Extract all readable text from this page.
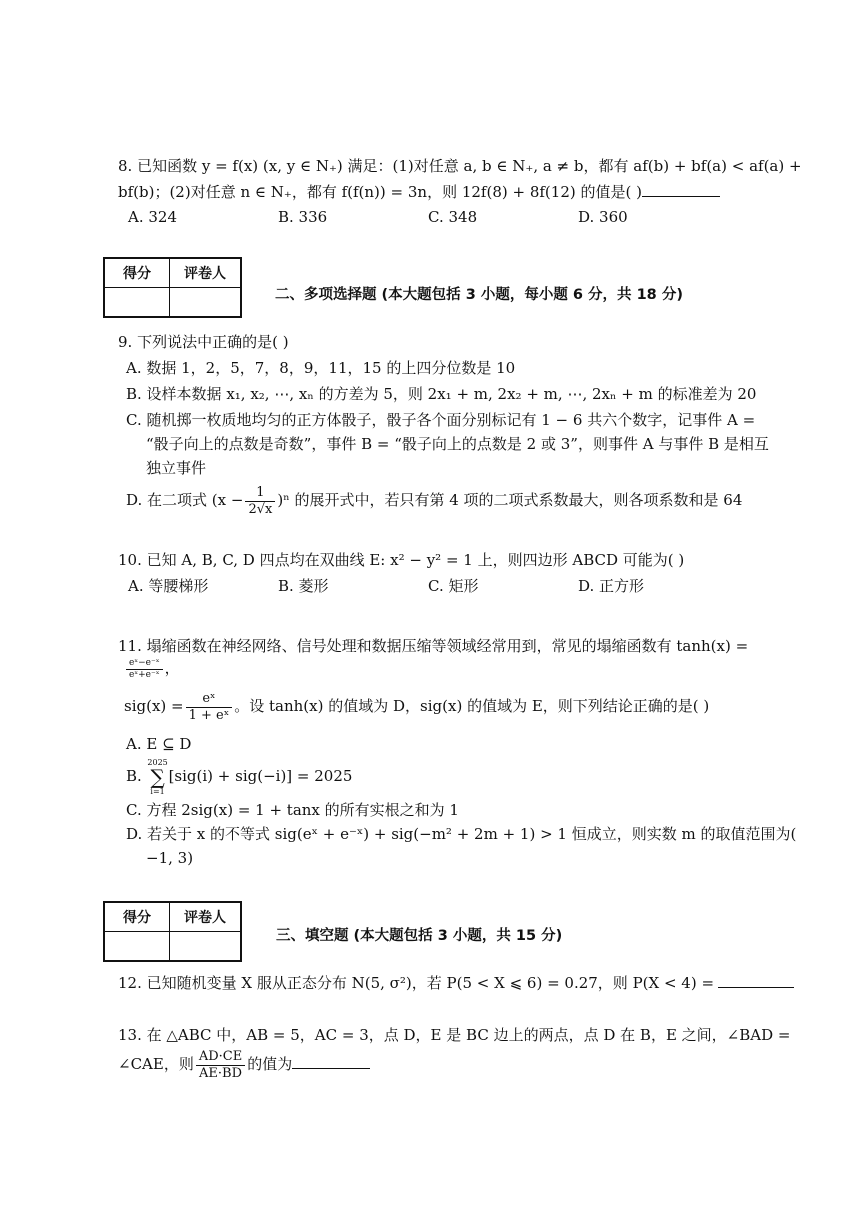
8. 已知函数 y = f(x) (x, y ∈ N₊) 满足：(1)对任意 a, b ∈ N₊, a ≠ b，都有 af(b) + bf(a) < af(a) +
bf(b)；(2)对任意 n ∈ N₊，都有 f(f(n)) = 3n，则 12f(8) + 8f(12) 的值是( )
A. 324	B. 336	C. 348	D. 360
得分	评卷人

二、多项选择题 (本大题包括 3 小题，每小题 6 分，共 18 分)
9. 下列说法中正确的是( )
A. 数据 1，2，5，7，8，9，11，15 的上四分位数是 10
B. 设样本数据 x₁, x₂, ⋯, xₙ 的方差为 5，则 2x₁ + m, 2x₂ + m, ⋯, 2xₙ + m 的标准差为 20
C. 随机掷一枚质地均匀的正方体骰子，骰子各个面分别标记有 1 − 6 共六个数字，记事件 A =
“骰子向上的点数是奇数”，事件 B = “骰子向上的点数是 2 或 3”，则事件 A 与事件 B 是相互
独立事件
D. 在二项式 $(x - \frac{1}{2√x} )^n$ 的展开式中，若只有第 4 项的二项式系数最大，则各项系数和是 64
10. 已知 A, B, C, D 四点均在双曲线 E: x² − y² = 1 上，则四边形 ABCD 可能为( )
A. 等腰梯形	B. 菱形	C. 矩形	D. 正方形
11. 塌缩函数在神经网络、信号处理和数据压缩等领域经常用到，常见的塌缩函数有 tanh(x) =
$\frac{\text{eˣ−e⁻ˣ}}{\text{eˣ+e⁻ˣ}}$ ，
$sig(x) = \frac{\text{eˣ}}{\text{1 + eˣ}}$ 。设 tanh(x) 的值域为 D，sig(x) 的值域为 E，则下列结论正确的是( )
A. E ⊆ D
B.
2025
∑
i=1
[sig(i) + sig(−i)] = 2025
C. 方程 2sig(x) = 1 + tanx 的所有实根之和为 1
D. 若关于 x 的不等式 sig(eˣ + e⁻ˣ) + sig(−m² + 2m + 1) > 1 恒成立，则实数 m 的取值范围为(
−1, 3)
得分	评卷人

三、填空题 (本大题包括 3 小题，共 15 分)
12. 已知随机变量 X 服从正态分布 N(5, σ²)，若 P(5 < X ⩽ 6) = 0.27，则 P(X < 4) =
13. 在 △ABC 中，AB = 5，AC = 3，点 D，E 是 BC 边上的两点，点 D 在 B，E 之间，∠BAD =
∠CAE，则 $\frac{AD\cdot CE}{AE\cdot BD}$ 的值为
